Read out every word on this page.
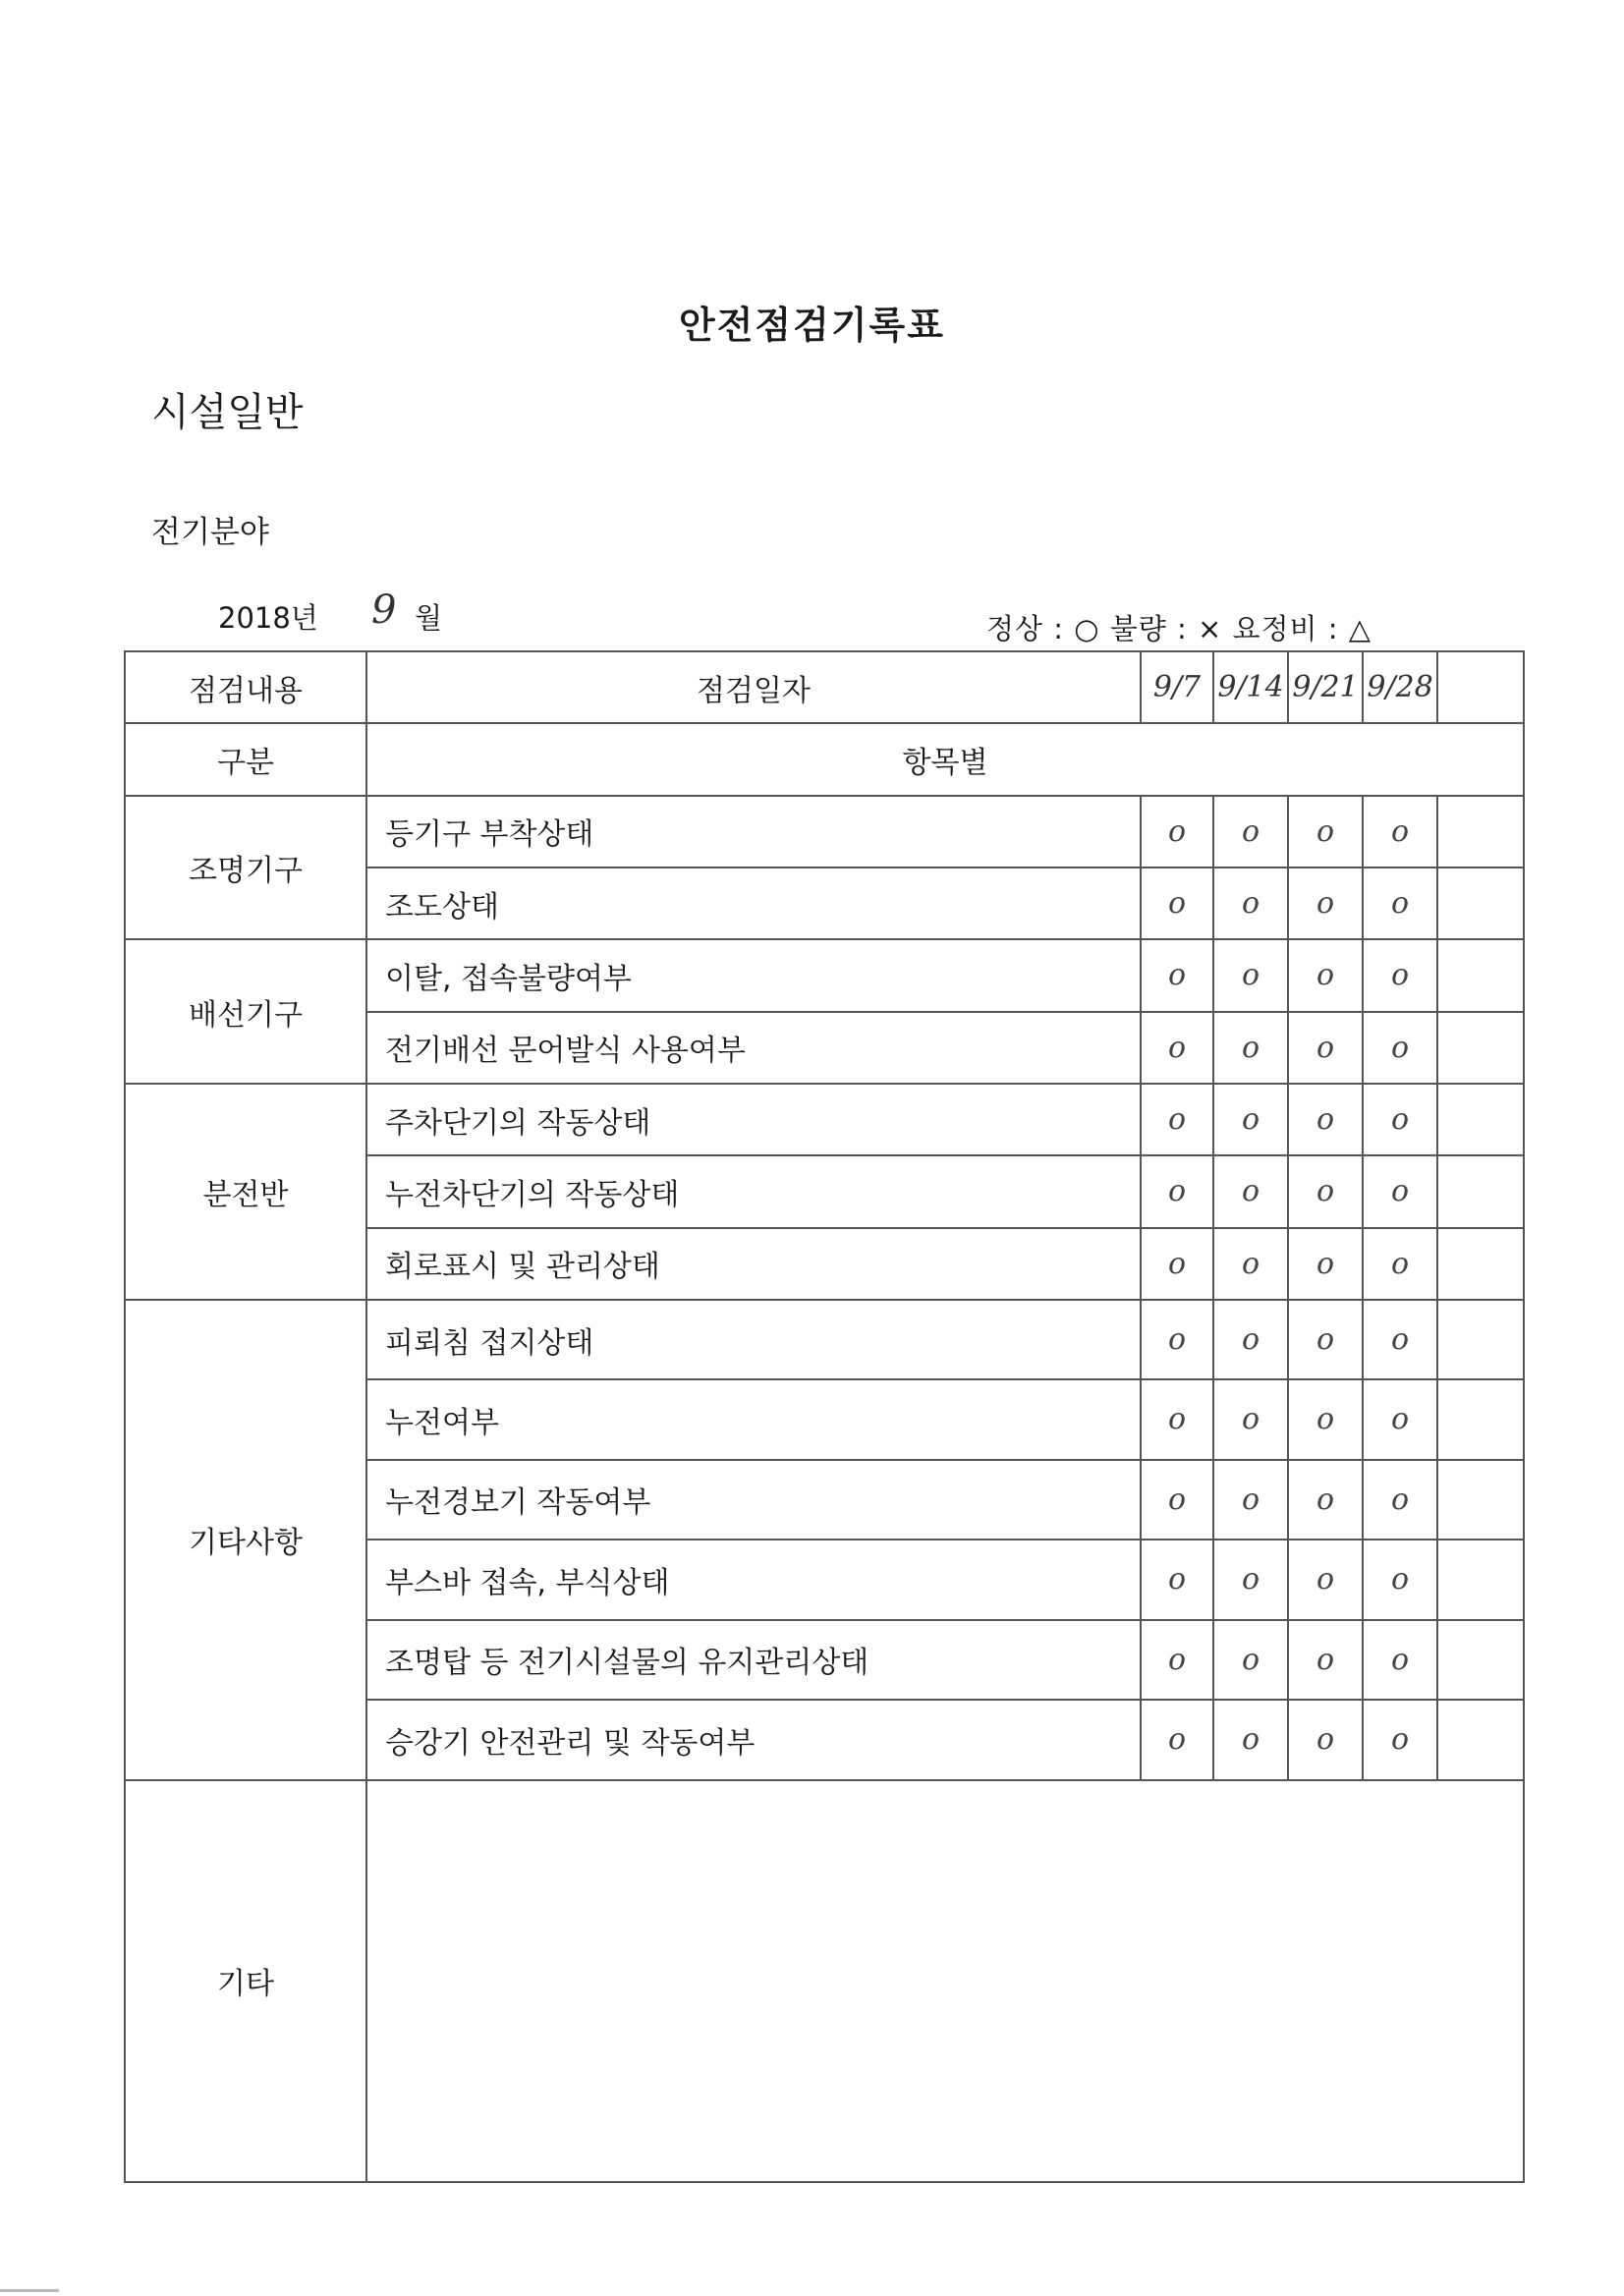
안전점검기록표
시설일반
전기분야
2018년 9 월	정상 : ○ 불량 : × 요정비 : △
점검내용	점검일자	9/7	9/14	9/21	9/28	
구분	항목별					
조명기구	등기구 부착상태	o	o	o	o	
	조도상태	o	o	o	o	
배선기구	이탈, 접속불량여부	o	o	o	o	
	전기배선 문어발식 사용여부	o	o	o	o	
분전반	주차단기의 작동상태	o	o	o	o	
	누전차단기의 작동상태	o	o	o	o	
	회로표시 및 관리상태	o	o	o	o	
기타사항	피뢰침 접지상태	o	o	o	o	
	누전여부	o	o	o	o	
	누전경보기 작동여부	o	o	o	o	
	부스바 접속, 부식상태	o	o	o	o	
	조명탑 등 전기시설물의 유지관리상태	o	o	o	o	
	승강기 안전관리 및 작동여부	o	o	o	o	
기타						
